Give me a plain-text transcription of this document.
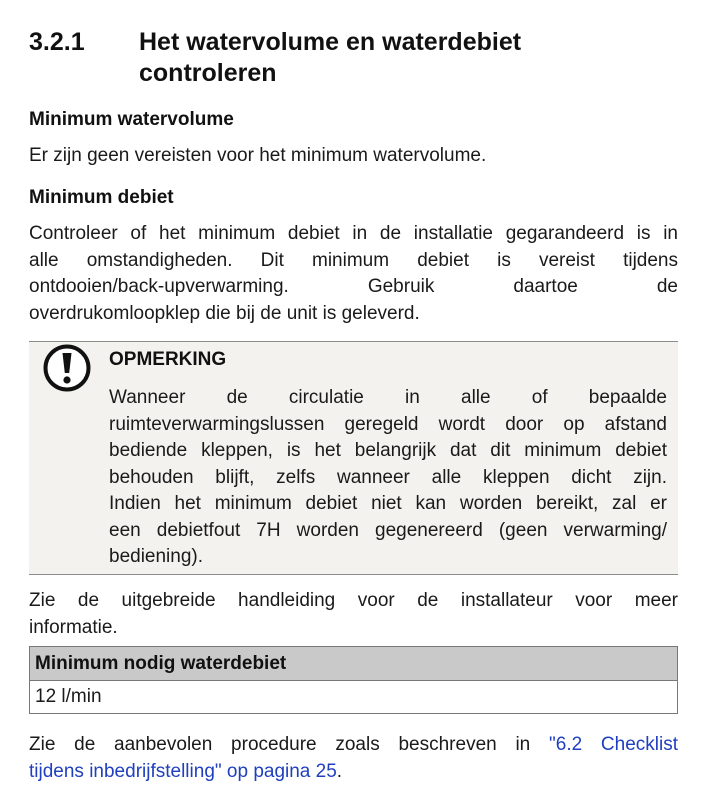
3.2.1 Het watervolume en waterdebiet
controleren
Minimum watervolume
Er zijn geen vereisten voor het minimum watervolume.
Minimum debiet
Controleer of het minimum debiet in de installatie gegarandeerd is in
alle omstandigheden. Dit minimum debiet is vereist tijdens
ontdooien/back-upverwarming. Gebruik daartoe de
overdrukomloopklep die bij de unit is geleverd.
OPMERKING
Wanneer de circulatie in alle of bepaalde
ruimteverwarmingslussen geregeld wordt door op afstand
bediende kleppen, is het belangrijk dat dit minimum debiet
behouden blijft, zelfs wanneer alle kleppen dicht zijn.
Indien het minimum debiet niet kan worden bereikt, zal er
een debietfout 7H worden gegenereerd (geen verwarming/
bediening).
Zie de uitgebreide handleiding voor de installateur voor meer
informatie.
Minimum nodig waterdebiet
12 l/min
Zie de aanbevolen procedure zoals beschreven in "6.2 Checklist
tijdens inbedrijfstelling" op pagina 25.
